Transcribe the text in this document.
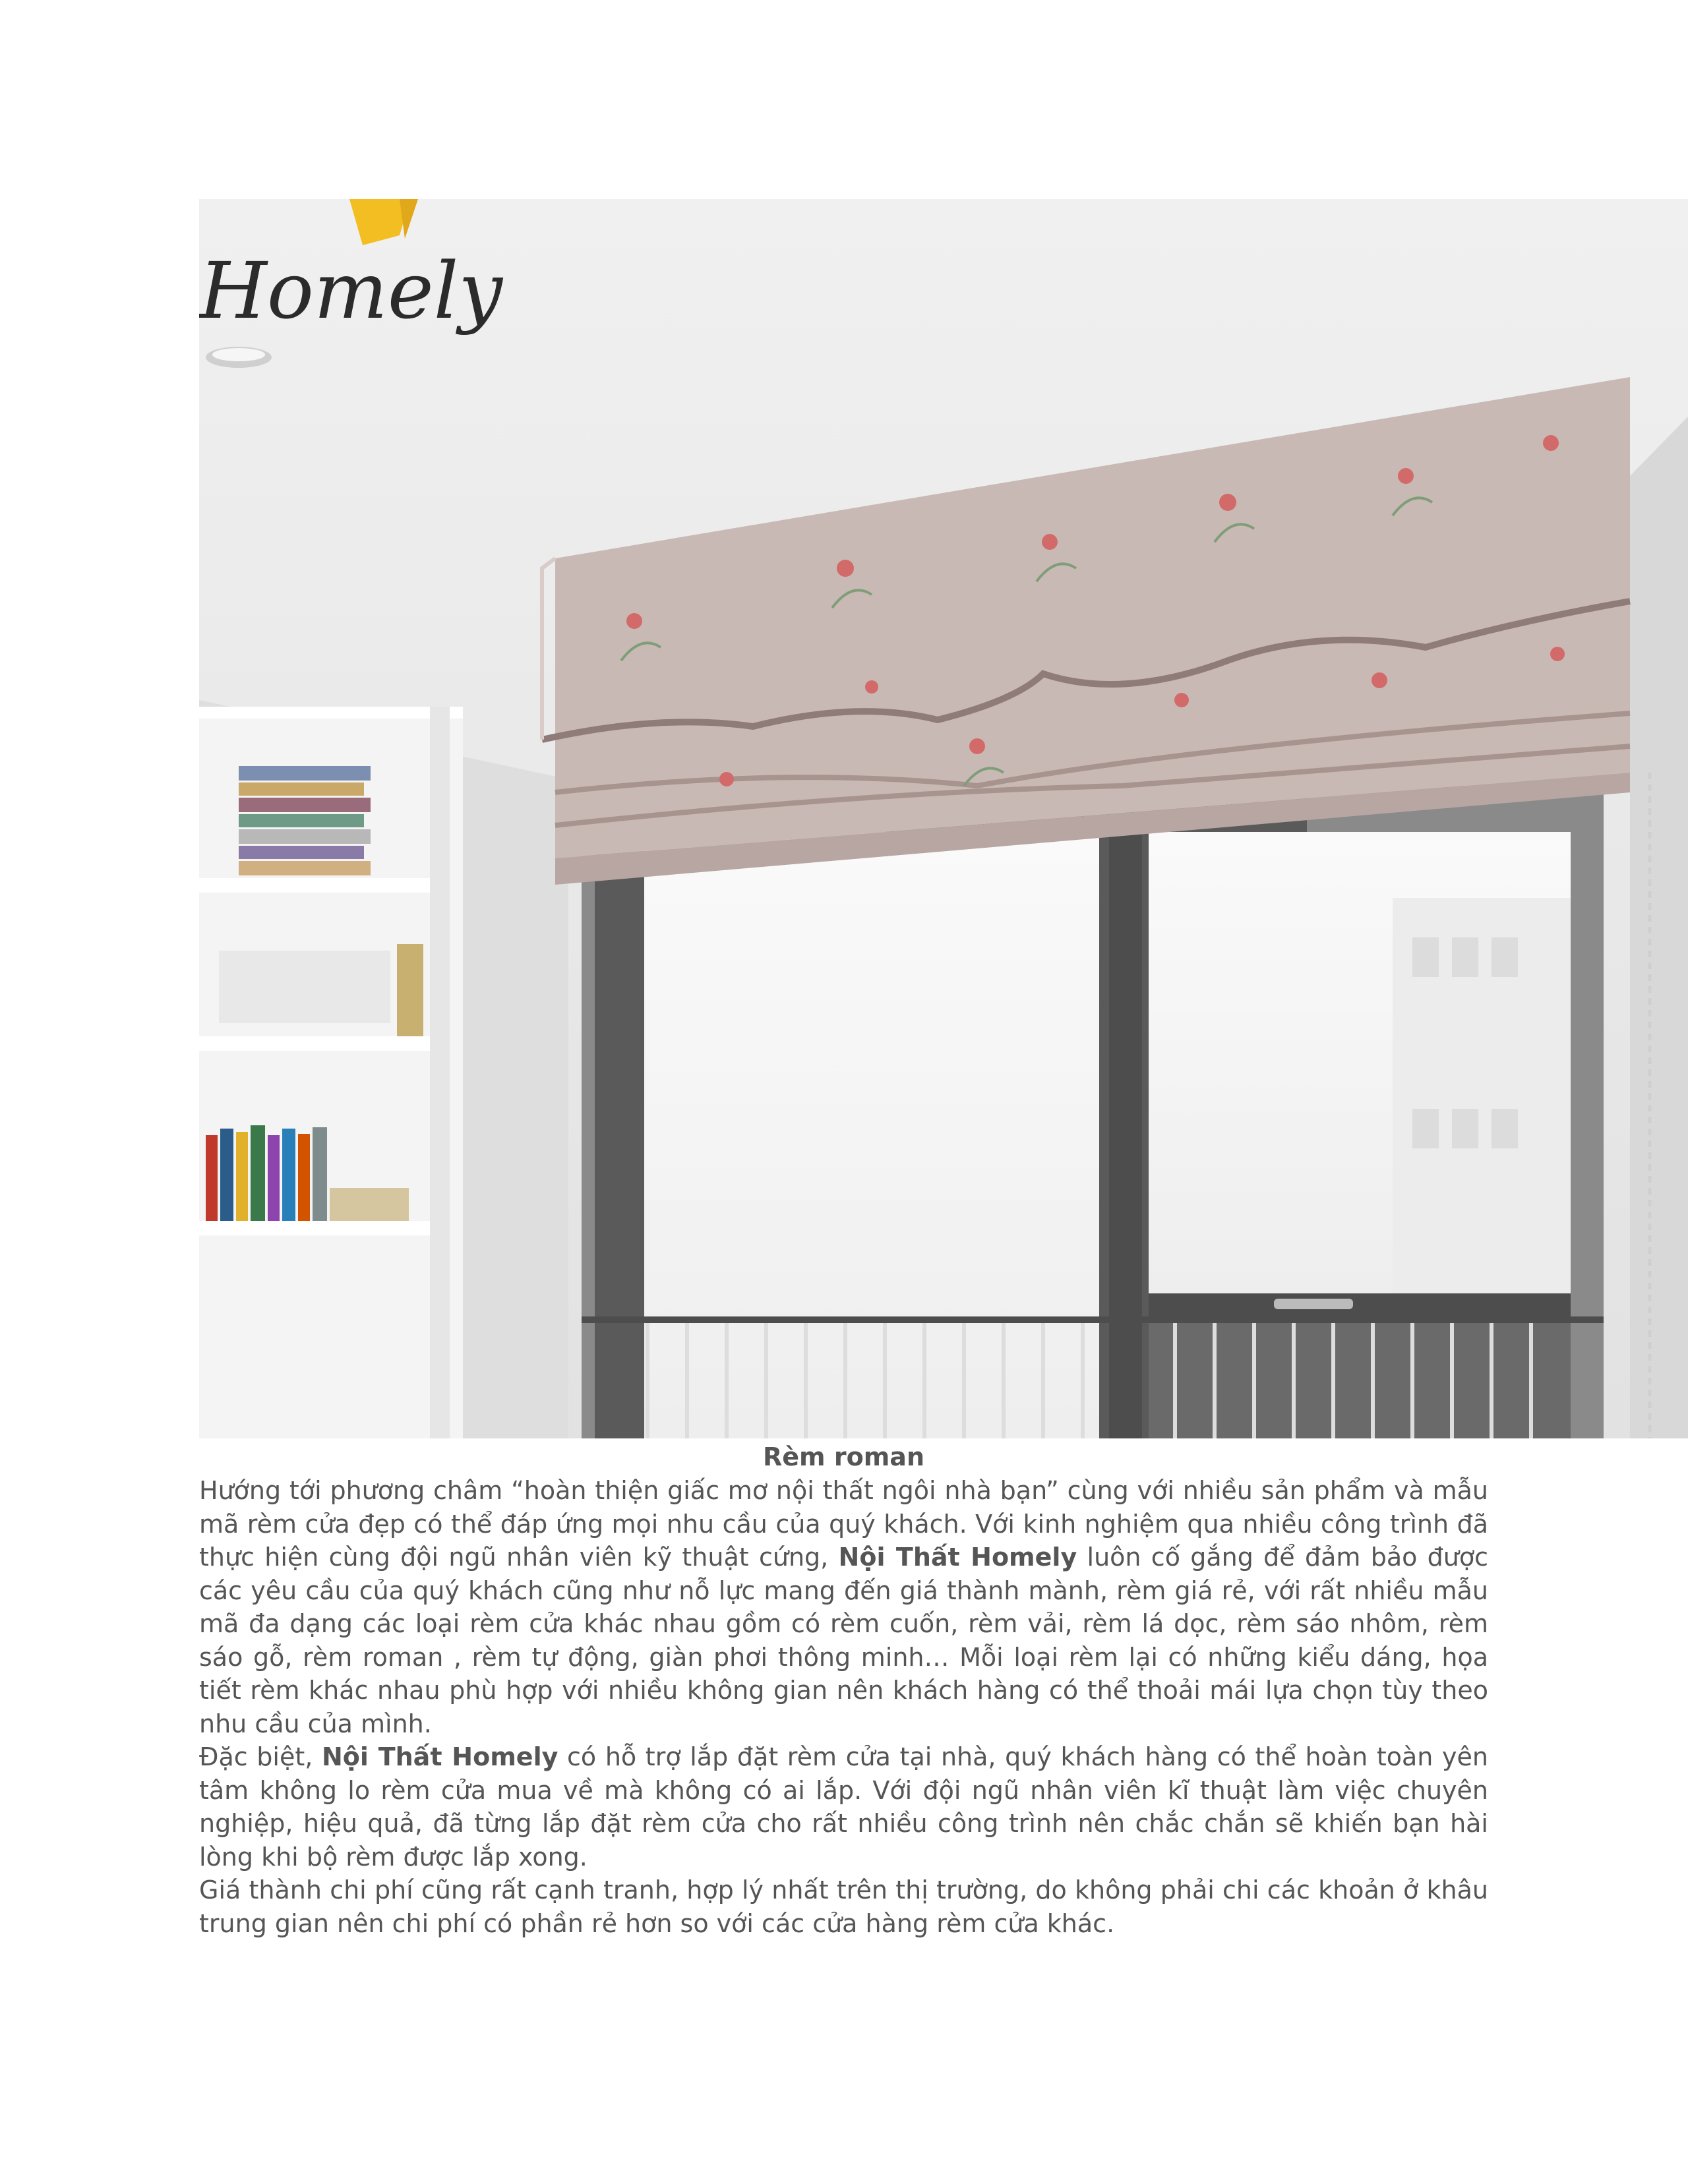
Homely
Rèm roman

Hướng tới phương châm “hoàn thiện giấc mơ nội thất ngôi nhà bạn” cùng với nhiều sản phẩm và mẫu mã rèm cửa đẹp có thể đáp ứng mọi nhu cầu của quý khách. Với kinh nghiệm qua nhiều công trình đã thực hiện cùng đội ngũ nhân viên kỹ thuật cứng, Nội Thất Homely luôn cố gắng để đảm bảo được các yêu cầu của quý khách cũng như nỗ lực mang đến giá thành mành, rèm giá rẻ, với rất nhiều mẫu mã đa dạng các loại rèm cửa khác nhau gồm có rèm cuốn, rèm vải, rèm lá dọc, rèm sáo nhôm, rèm sáo gỗ, rèm roman , rèm tự động, giàn phơi thông minh… Mỗi loại rèm lại có những kiểu dáng, họa tiết rèm khác nhau phù hợp với nhiều không gian nên khách hàng có thể thoải mái lựa chọn tùy theo nhu cầu của mình.

Đặc biệt, Nội Thất Homely có hỗ trợ lắp đặt rèm cửa tại nhà, quý khách hàng có thể hoàn toàn yên tâm không lo rèm cửa mua về mà không có ai lắp. Với đội ngũ nhân viên kĩ thuật làm việc chuyên nghiệp, hiệu quả, đã từng lắp đặt rèm cửa cho rất nhiều công trình nên chắc chắn sẽ khiến bạn hài lòng khi bộ rèm được lắp xong.

Giá thành chi phí cũng rất cạnh tranh, hợp lý nhất trên thị trường, do không phải chi các khoản ở khâu trung gian nên chi phí có phần rẻ hơn so với các cửa hàng rèm cửa khác.
